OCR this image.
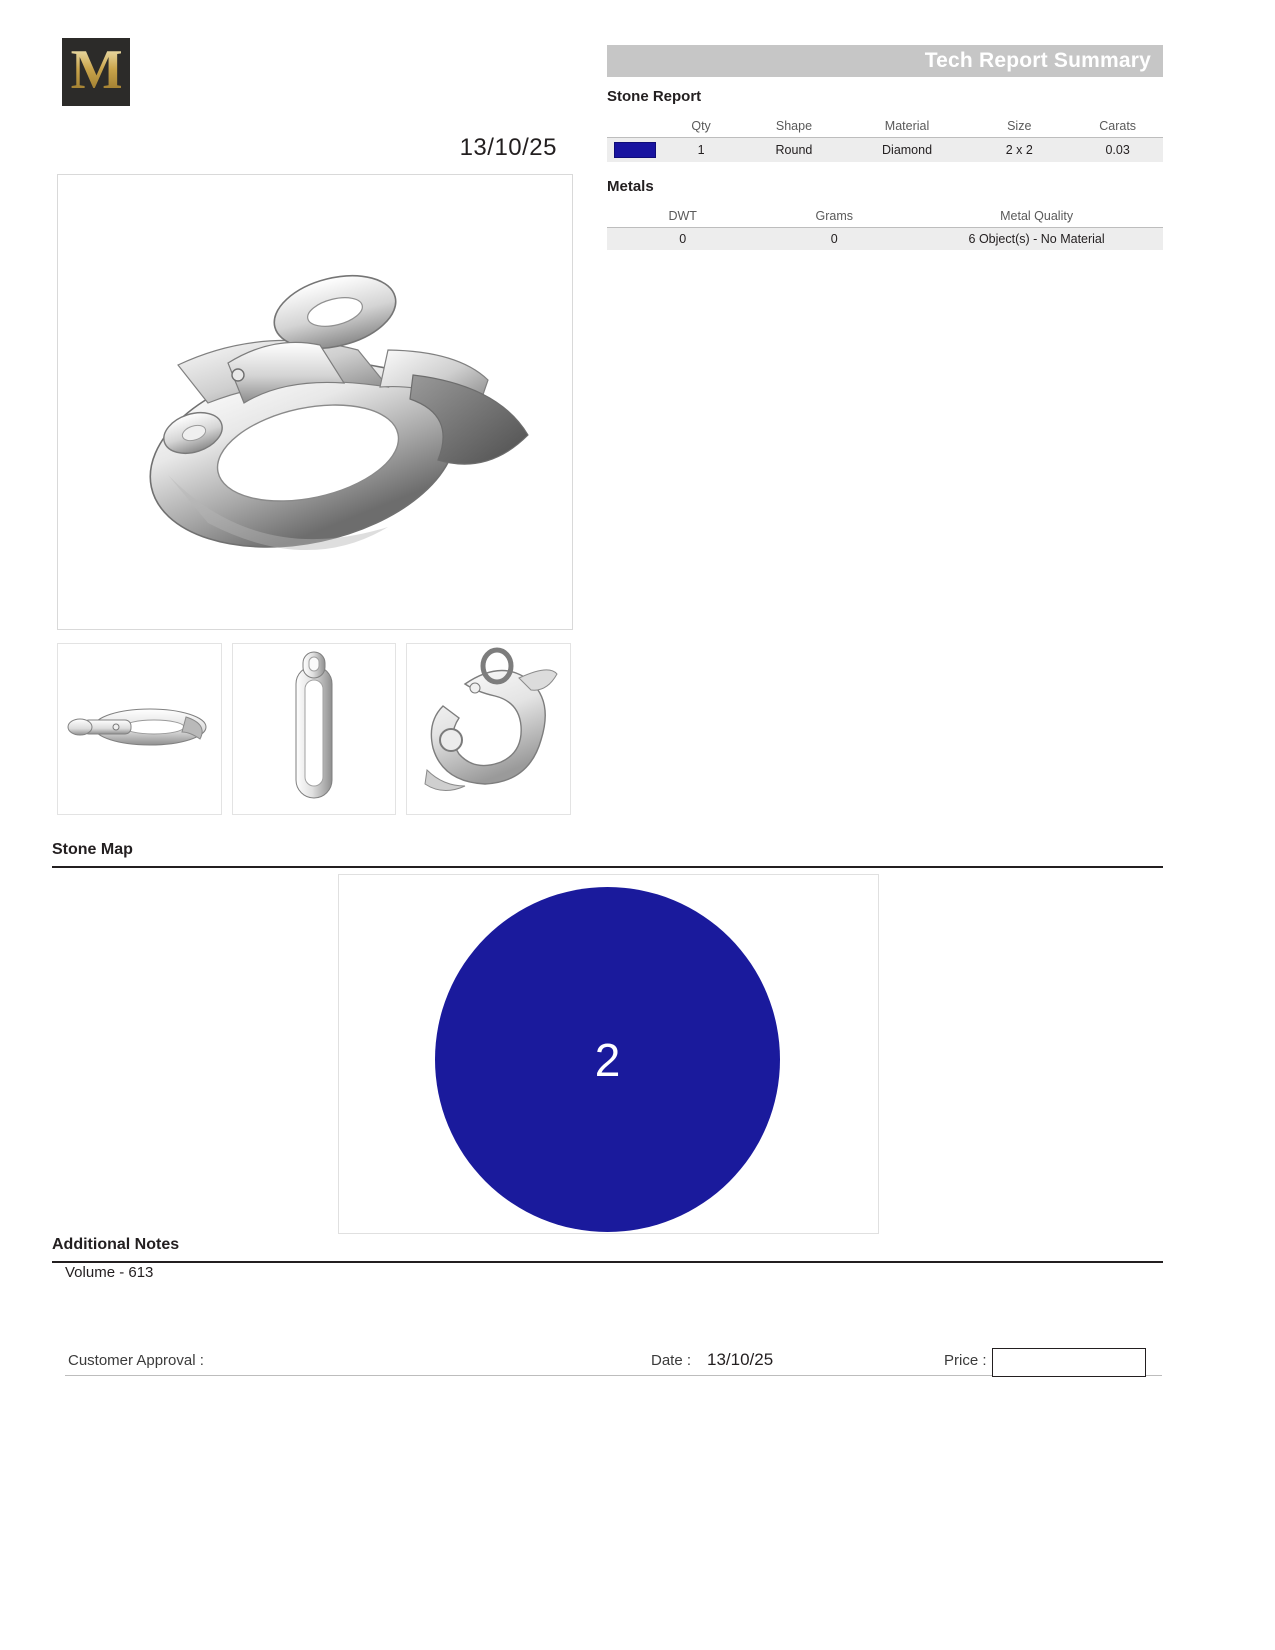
M
13/10/25
Tech Report Summary
Stone Report
	Qty	Shape	Material	Size	Carats
	1	Round	Diamond	2 x 2	0.03
Metals
DWT	Grams	Metal Quality
0	0	6 Object(s) - No Material
Stone Map
2
Additional Notes
Volume - 613
Customer Approval :	Date : 13/10/25	Price :
